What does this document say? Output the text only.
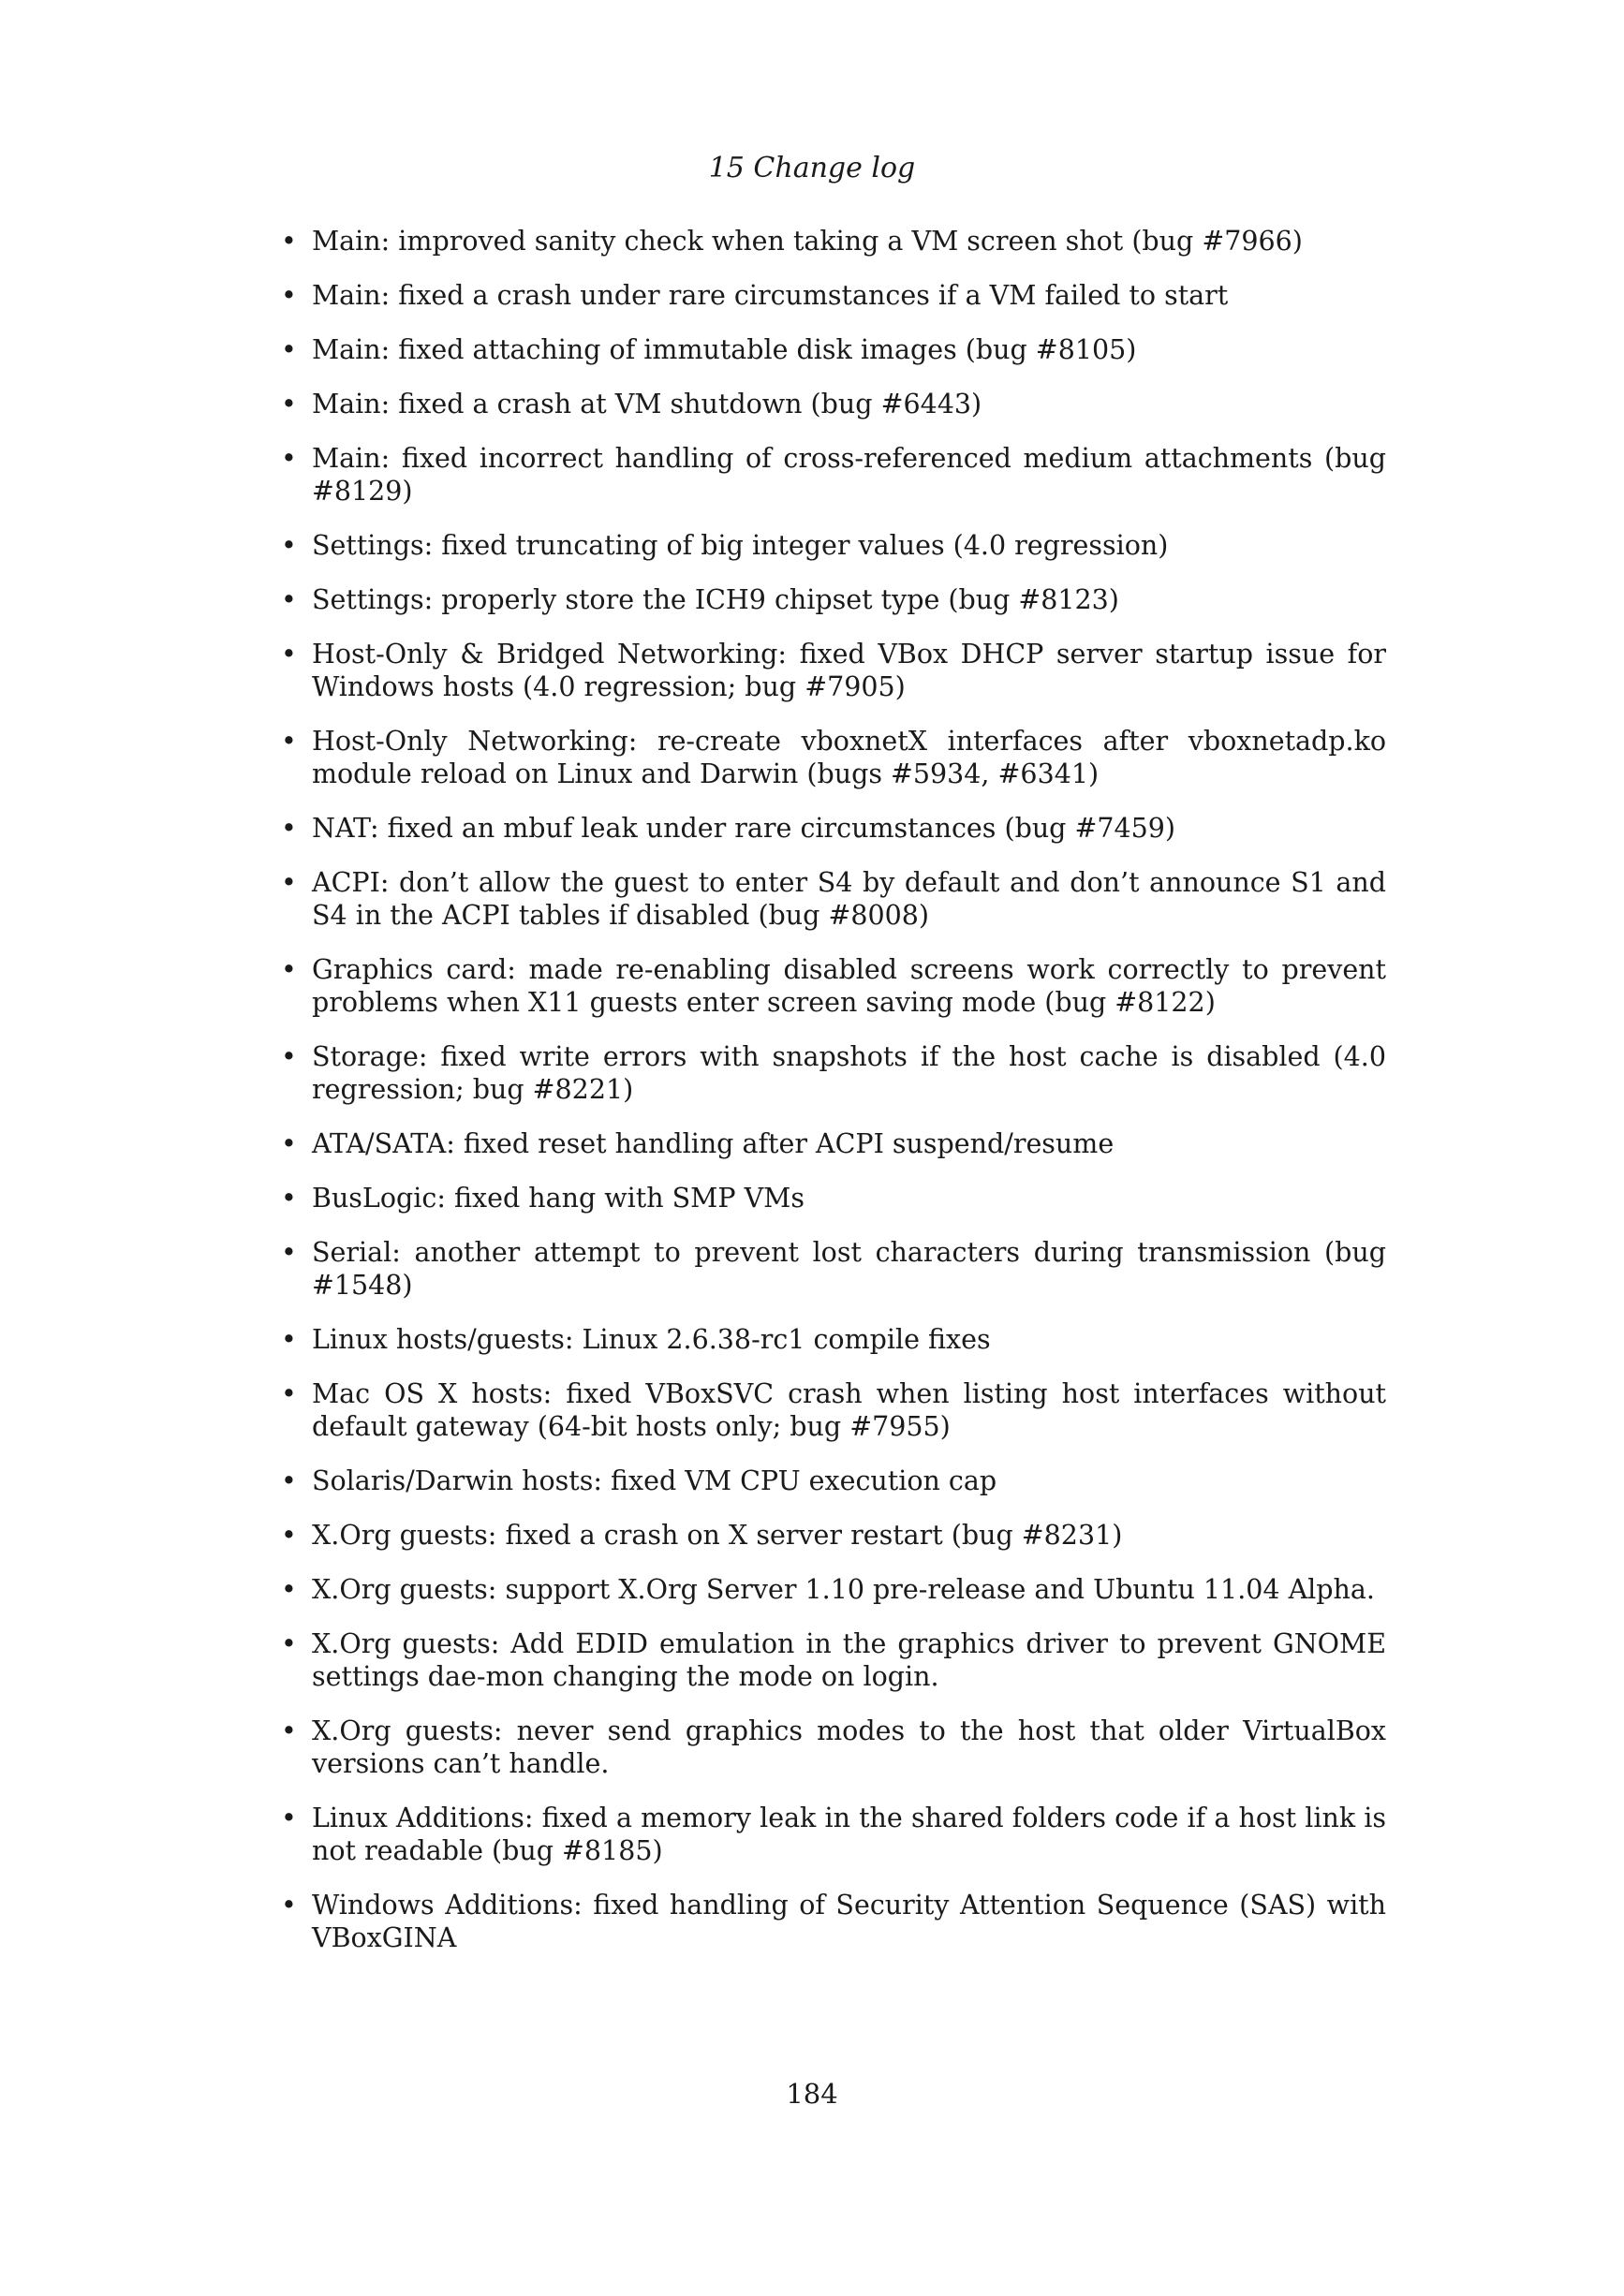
15 Change log
• Main: improved sanity check when taking a VM screen shot (bug #7966)
• Main: fixed a crash under rare circumstances if a VM failed to start
• Main: fixed attaching of immutable disk images (bug #8105)
• Main: fixed a crash at VM shutdown (bug #6443)
• Main: fixed incorrect handling of cross-referenced medium attachments (bug #8129)
• Settings: fixed truncating of big integer values (4.0 regression)
• Settings: properly store the ICH9 chipset type (bug #8123)
• Host-Only & Bridged Networking: fixed VBox DHCP server startup issue for Windows hosts (4.0 regression; bug #7905)
• Host-Only Networking: re-create vboxnetX interfaces after vboxnetadp.ko module reload on Linux and Darwin (bugs #5934, #6341)
• NAT: fixed an mbuf leak under rare circumstances (bug #7459)
• ACPI: don’t allow the guest to enter S4 by default and don’t announce S1 and S4 in the ACPI tables if disabled (bug #8008)
• Graphics card: made re-enabling disabled screens work correctly to prevent problems when X11 guests enter screen saving mode (bug #8122)
• Storage: fixed write errors with snapshots if the host cache is disabled (4.0 regression; bug #8221)
• ATA/SATA: fixed reset handling after ACPI suspend/resume
• BusLogic: fixed hang with SMP VMs
• Serial: another attempt to prevent lost characters during transmission (bug #1548)
• Linux hosts/guests: Linux 2.6.38-rc1 compile fixes
• Mac OS X hosts: fixed VBoxSVC crash when listing host interfaces without default gateway (64-bit hosts only; bug #7955)
• Solaris/Darwin hosts: fixed VM CPU execution cap
• X.Org guests: fixed a crash on X server restart (bug #8231)
• X.Org guests: support X.Org Server 1.10 pre-release and Ubuntu 11.04 Alpha.
• X.Org guests: Add EDID emulation in the graphics driver to prevent GNOME settings dae-mon changing the mode on login.
• X.Org guests: never send graphics modes to the host that older VirtualBox versions can’t handle.
• Linux Additions: fixed a memory leak in the shared folders code if a host link is not readable (bug #8185)
• Windows Additions: fixed handling of Security Attention Sequence (SAS) with VBoxGINA
184
